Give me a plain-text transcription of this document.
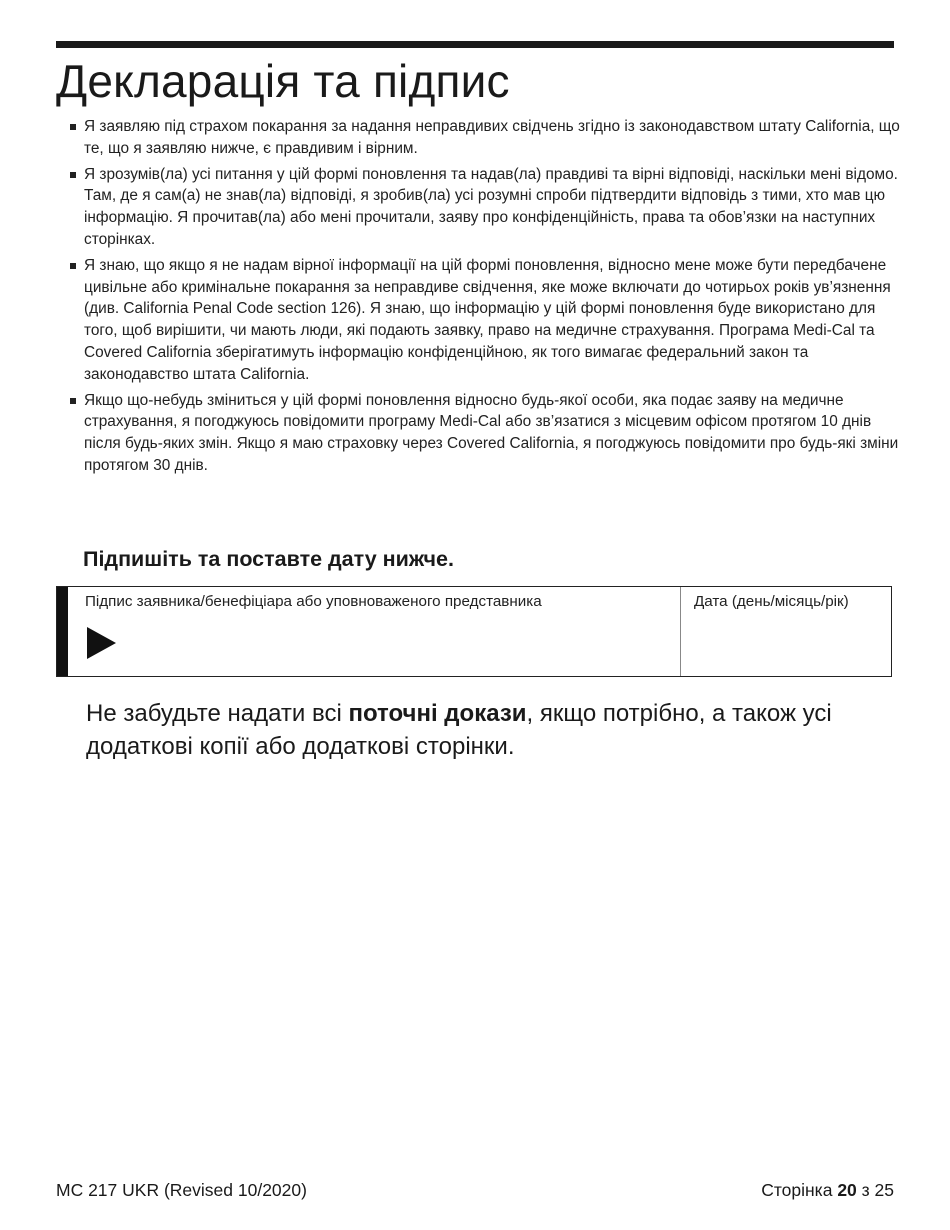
Декларація та підпис

Я заявляю під страхом покарання за надання неправдивих свідчень згідно із законодавством штату California, що те, що я заявляю нижче, є правдивим і вірним.

Я зрозумів(ла) усі питання у цій формі поновлення та надав(ла) правдиві та вірні відповіді, наскільки мені відомо. Там, де я сам(а) не знав(ла) відповіді, я зробив(ла) усі розумні спроби підтвердити відповідь з тими, хто мав цю інформацію. Я прочитав(ла) або мені прочитали, заяву про конфіденційність, права та обов’язки на наступних сторінках.

Я знаю, що якщо я не надам вірної інформації на цій формі поновлення, відносно мене може бути передбачене цивільне або кримінальне покарання за неправдиве свідчення, яке може включати до чотирьох років ув’язнення (див. California Penal Code section 126). Я знаю, що інформацію у цій формі поновлення буде використано для того, щоб вирішити, чи мають люди, які подають заявку, право на медичне страхування. Програма Medi-Cal та Covered California зберігатимуть інформацію конфіденційною, як того вимагає федеральний закон та законодавство штата California.

Якщо що-небудь зміниться у цій формі поновлення відносно будь-якої особи, яка подає заяву на медичне страхування, я погоджуюсь повідомити програму Medi-Cal або зв’язатися з місцевим офісом протягом 10 днів після будь-яких змін. Якщо я маю страховку через Covered California, я погоджуюсь повідомити про будь-які зміни протягом 30 днів.

Підпишіть та поставте дату нижче.
Підпис заявника/бенефіціара або уповноваженого представника	Дата (день/місяць/рік)

Не забудьте надати всі поточні докази, якщо потрібно, а також усі додаткові копії або додаткові сторінки.

MC 217 UKR (Revised 10/2020)	Сторінка 20 з 25
